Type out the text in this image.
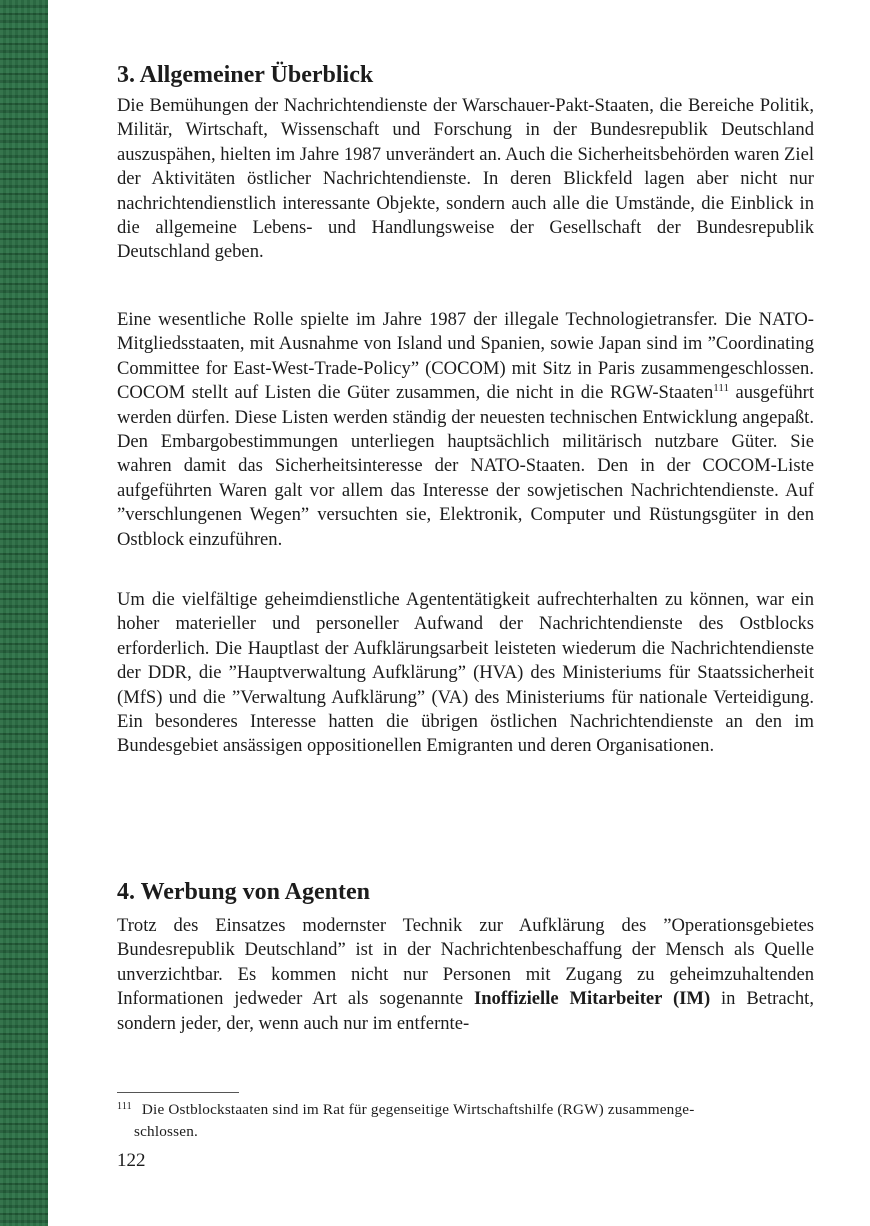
3. Allgemeiner Überblick

Die Bemühungen der Nachrichtendienste der Warschauer-Pakt-Staaten, die Bereiche Politik, Militär, Wirtschaft, Wissenschaft und Forschung in der Bundesrepublik Deutschland auszuspähen, hielten im Jahre 1987 unverändert an. Auch die Sicherheitsbehörden waren Ziel der Aktivitäten östlicher Nachrichtendienste. In deren Blickfeld lagen aber nicht nur nachrichtendienstlich interessante Objekte, sondern auch alle die Umstände, die Einblick in die allgemeine Lebens- und Handlungsweise der Gesellschaft der Bundesrepublik Deutschland geben.

Eine wesentliche Rolle spielte im Jahre 1987 der illegale Technologietransfer. Die NATO-Mitgliedsstaaten, mit Ausnahme von Island und Spanien, sowie Japan sind im ”Coordinating Committee for East-West-Trade-Policy” (COCOM) mit Sitz in Paris zusammengeschlossen. COCOM stellt auf Listen die Güter zusammen, die nicht in die RGW-Staaten$^{111}$ ausgeführt werden dürfen. Diese Listen werden ständig der neuesten technischen Entwicklung angepaßt. Den Embargobestimmungen unterliegen hauptsächlich militärisch nutzbare Güter. Sie wahren damit das Sicherheitsinteresse der NATO-Staaten. Den in der COCOM-Liste aufgeführten Waren galt vor allem das Interesse der sowjetischen Nachrichtendienste. Auf ”verschlungenen Wegen” versuchten sie, Elektronik, Computer und Rüstungsgüter in den Ostblock einzuführen.

Um die vielfältige geheimdienstliche Agententätigkeit aufrechterhalten zu können, war ein hoher materieller und personeller Aufwand der Nachrichtendienste des Ostblocks erforderlich. Die Hauptlast der Aufklärungsarbeit leisteten wiederum die Nachrichtendienste der DDR, die ”Hauptverwaltung Aufklärung” (HVA) des Ministeriums für Staatssicherheit (MfS) und die ”Verwaltung Aufklärung” (VA) des Ministeriums für nationale Verteidigung. Ein besonderes Interesse hatten die übrigen östlichen Nachrichtendienste an den im Bundesgebiet ansässigen oppositionellen Emigranten und deren Organisationen.

4. Werbung von Agenten

Trotz des Einsatzes modernster Technik zur Aufklärung des ”Operationsgebietes Bundesrepublik Deutschland” ist in der Nachrichtenbeschaffung der Mensch als Quelle unverzichtbar. Es kommen nicht nur Personen mit Zugang zu geheimzuhaltenden Informationen jedweder Art als sogenannte Inoffizielle Mitarbeiter (IM) in Betracht, sondern jeder, der, wenn auch nur im entfernte-

$^{111}$ Die Ostblockstaaten sind im Rat für gegenseitige Wirtschaftshilfe (RGW) zusammenge-
schlossen.
122
